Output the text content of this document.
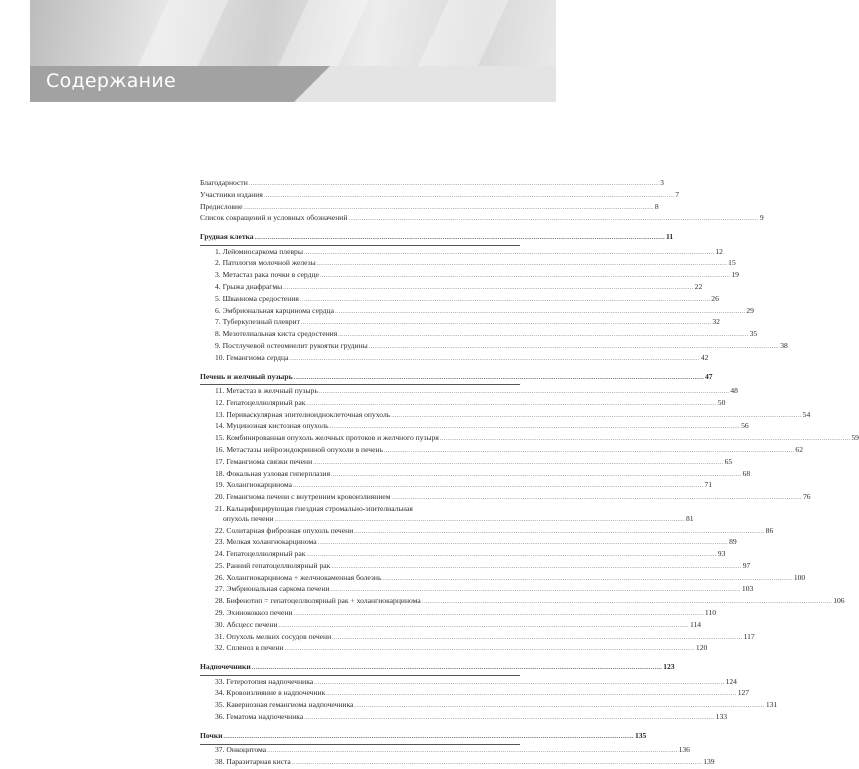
Содержание
Благодарности .....	3
Участники издания .....	7
Предисловие .....	8
Список сокращений и условных обозначений .....	9
Грудная клетка .....	11
1. Лейомиосаркома плевры .....	12
2. Патология молочной железы .....	15
3. Метастаз рака почки в сердце .....	19
4. Грыжа диафрагмы .....	22
5. Шваннома средостения .....	26
6. Эмбриональная карцинома сердца .....	29
7. Туберкулезный плеврит .....	32
8. Мезотелиальная киста средостения .....	35
9. Постлучевой остеомиелит рукоятки грудины .....	38
10. Гемангиома сердца .....	42
Печень и желчный пузырь .....	47
11. Метастаз в желчный пузырь .....	48
12. Гепатоцеллюлярный рак .....	50
13. Периваскулярная эпителиоидноклеточная опухоль .....	54
14. Муцинозная кистозная опухоль .....	56
15. Комбинированная опухоль желчных протоков и желчного пузыря .....	59
16. Метастазы нейроэндокринной опухоли в печень .....	62
17. Гемангиома связки печени .....	65
18. Фокальная узловая гиперплазия .....	68
19. Холангиокарцинома .....	71
20. Гемангиома печени с внутренним кровоизлиянием .....	76
21. Кальцифицирующая гнездная стромально-эпителиальная
опухоль печени .....	81
22. Солитарная фиброзная опухоль печени .....	86
23. Мелкая холангиокарцинома .....	89
24. Гепатоцеллюлярный рак .....	93
25. Ранний гепатоцеллюлярный рак .....	97
26. Холангиокарцинома + желчнокаменная болезнь .....	100
27. Эмбриональная саркома печени .....	103
28. Бифенотип = гепатоцеллюлярный рак + холангиокарцинома .....	106
29. Эхинококкоз печени .....	110
30. Абсцесс печени .....	114
31. Опухоль мелких сосудов печени .....	117
32. Спленоз в печени .....	120
Надпочечники .....	123
33. Гетеротопия надпочечника .....	124
34. Кровоизлияние в надпочечник .....	127
35. Кавернозная гемангиома надпочечника .....	131
36. Гематома надпочечника .....	133
Почки .....	135
37. Онкоцитома .....	136
38. Паразитарная киста .....	139
